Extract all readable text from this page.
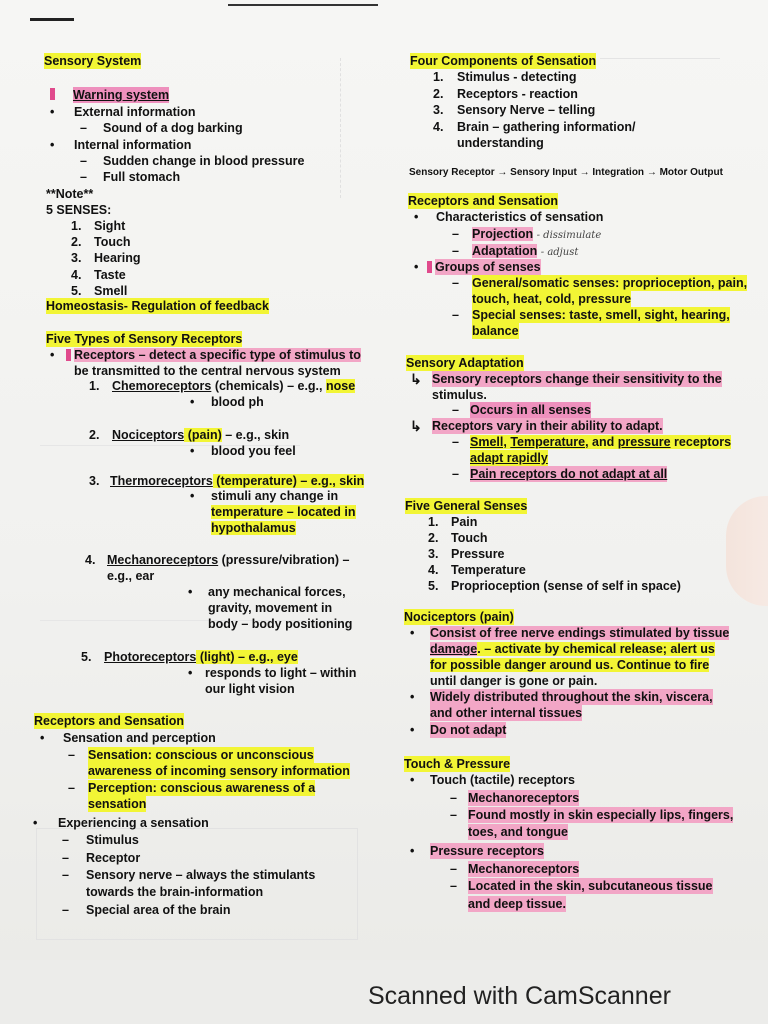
Sensory System
Warning system
• External information
– Sound of a dog barking
• Internal information
– Sudden change in blood pressure
– Full stomach
**Note**
5 SENSES:
1. Sight
2. Touch
3. Hearing
4. Taste
5. Smell
Homeostasis- Regulation of feedback
Five Types of Sensory Receptors
• Receptors – detect a specific type of stimulus to
be transmitted to the central nervous system
1. Chemoreceptors (chemicals) – e.g., nose
• blood ph
2. Nociceptors (pain) – e.g., skin
• blood you feel
3. Thermoreceptors (temperature) – e.g., skin
• stimuli any change in
temperature – located in
hypothalamus
4. Mechanoreceptors (pressure/vibration) –
e.g., ear
• any mechanical forces,
gravity, movement in
body – body positioning
5. Photoreceptors (light) – e.g., eye
• responds to light – within
our light vision
Receptors and Sensation
• Sensation and perception
– Sensation: conscious or unconscious
awareness of incoming sensory information
– Perception: conscious awareness of a
sensation
• Experiencing a sensation
– Stimulus
– Receptor
– Sensory nerve – always the stimulants
towards the brain-information
– Special area of the brain
Four Components of Sensation
1. Stimulus - detecting
2. Receptors - reaction
3. Sensory Nerve – telling
4. Brain – gathering information/
understanding
Sensory Receptor → Sensory Input → Integration → Motor Output
Receptors and Sensation
• Characteristics of sensation
– Projection - dissimulate
– Adaptation - adjust
• Groups of senses
– General/somatic senses: proprioception, pain,
touch, heat, cold, pressure
– Special senses: taste, smell, sight, hearing,
balance
Sensory Adaptation
↳ Sensory receptors change their sensitivity to the
stimulus.
– Occurs in all senses
↳ Receptors vary in their ability to adapt.
– Smell, Temperature, and pressure receptors
adapt rapidly
– Pain receptors do not adapt at all
Five General Senses
1. Pain
2. Touch
3. Pressure
4. Temperature
5. Proprioception (sense of self in space)
Nociceptors (pain)
• Consist of free nerve endings stimulated by tissue
damage. – activate by chemical release; alert us
for possible danger around us. Continue to fire
until danger is gone or pain.
• Widely distributed throughout the skin, viscera,
and other internal tissues
• Do not adapt
Touch & Pressure
• Touch (tactile) receptors
– Mechanoreceptors
– Found mostly in skin especially lips, fingers,
toes, and tongue
• Pressure receptors
– Mechanoreceptors
– Located in the skin, subcutaneous tissue
and deep tissue.
Scanned with CamScanner
